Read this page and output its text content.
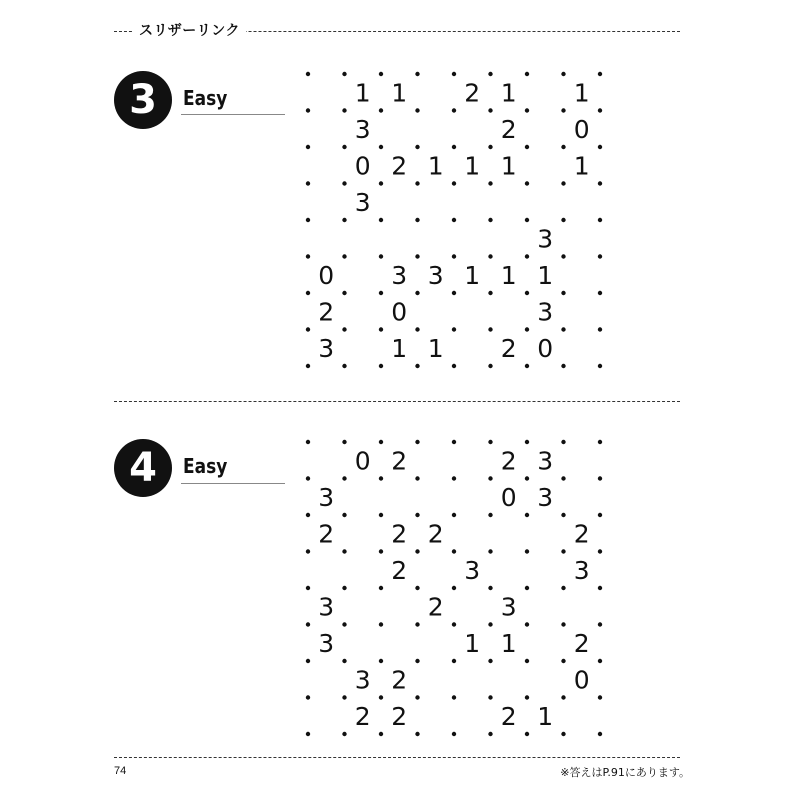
スリザーリンク
3	Easy	1 1 2 1 1
3	2 0
0 2 1 1 1 1
3
3
0 3 3 1 1 1
2 0	3
3 1 1 2 0
4	Easy	0 2	2 3
3	0 3
2 2 2	2
2 3	3
3	2 3
3	1 1 2
3 2	0
2 2	2 1
74	※答えはP.91にあります。
